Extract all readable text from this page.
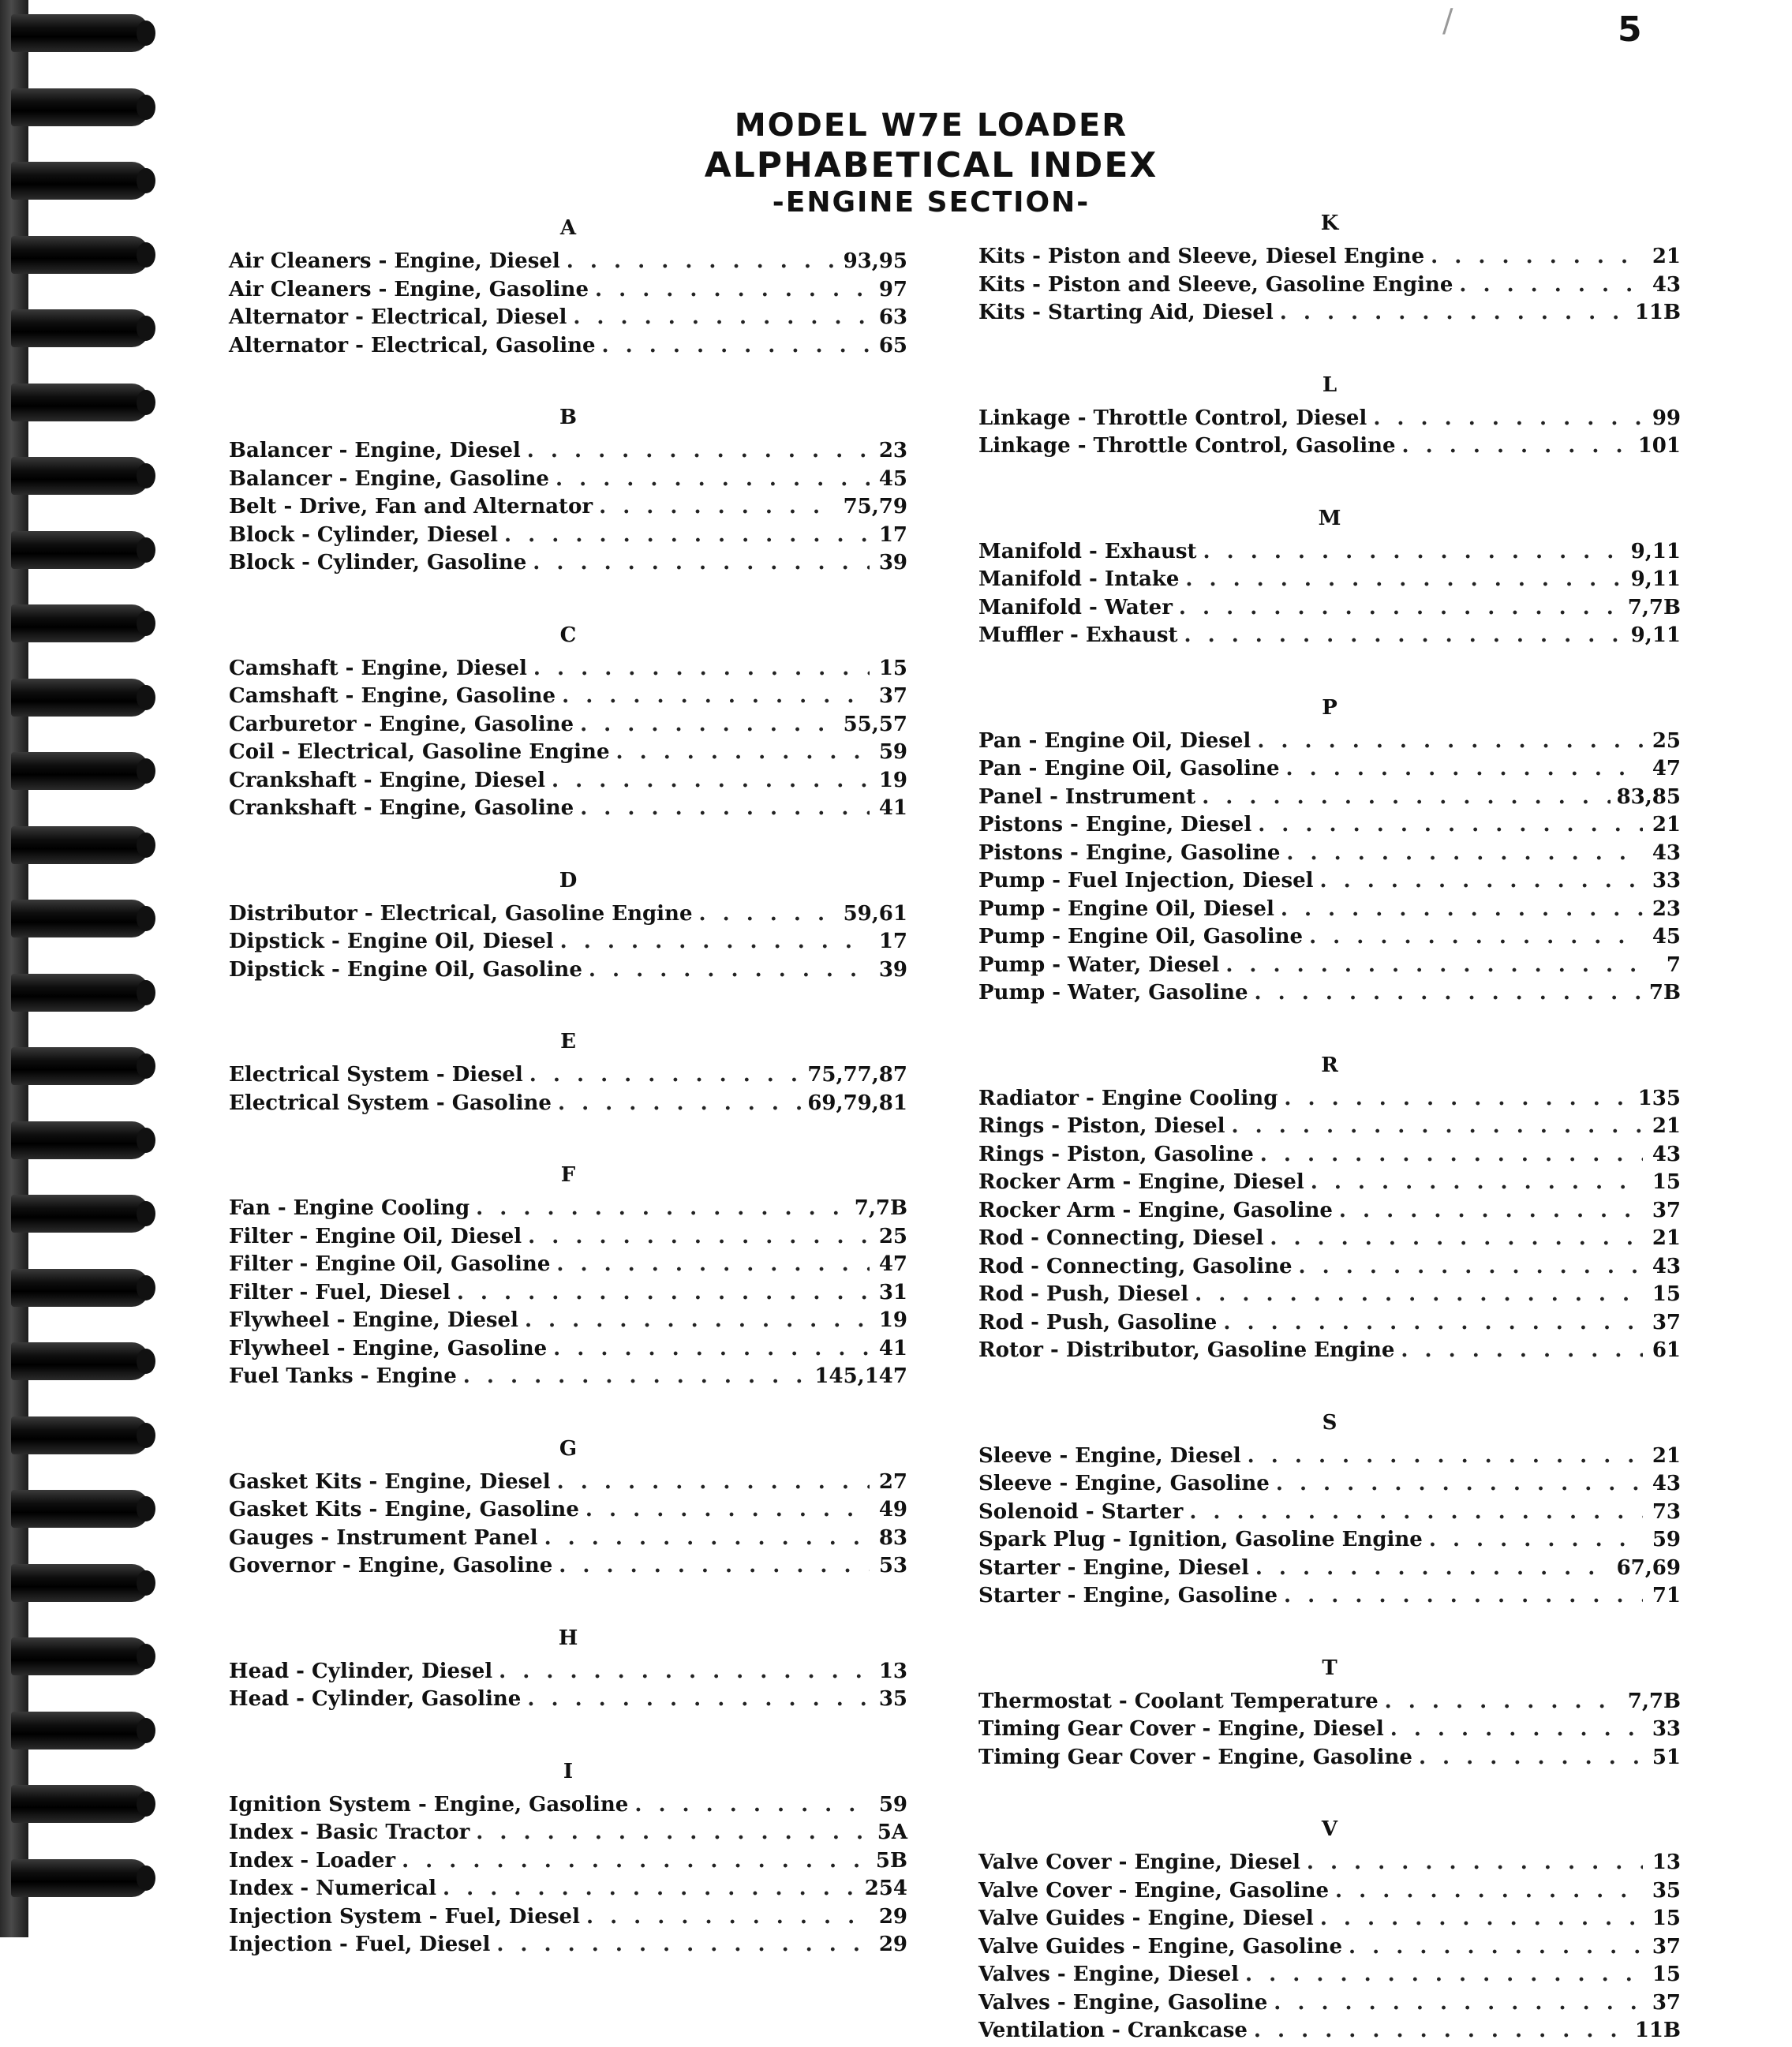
/	5
MODEL W7E LOADER
ALPHABETICAL INDEX
-ENGINE SECTION-
A
Air Cleaners - Engine, Diesel . . .	93,95
Air Cleaners - Engine, Gasoline . . .	97
Alternator - Electrical, Diesel . . .	63
Alternator - Electrical, Gasoline . . .	65
B
Balancer - Engine, Diesel . . .	23
Balancer - Engine, Gasoline . . .	45
Belt - Drive, Fan and Alternator . . .	75,79
Block - Cylinder, Diesel . . .	17
Block - Cylinder, Gasoline . . .	39
C
Camshaft - Engine, Diesel . . .	15
Camshaft - Engine, Gasoline . . .	37
Carburetor - Engine, Gasoline . . .	55,57
Coil - Electrical, Gasoline Engine . . .	59
Crankshaft - Engine, Diesel . . .	19
Crankshaft - Engine, Gasoline . . .	41
D
Distributor - Electrical, Gasoline Engine . . .	59,61
Dipstick - Engine Oil, Diesel . . .	17
Dipstick - Engine Oil, Gasoline . . .	39
E
Electrical System - Diesel . . .	75,77,87
Electrical System - Gasoline . . .	69,79,81
F
Fan - Engine Cooling . . .	7,7B
Filter - Engine Oil, Diesel . . .	25
Filter - Engine Oil, Gasoline . . .	47
Filter - Fuel, Diesel . . .	31
Flywheel - Engine, Diesel . . .	19
Flywheel - Engine, Gasoline . . .	41
Fuel Tanks - Engine . . .	145,147
G
Gasket Kits - Engine, Diesel . . .	27
Gasket Kits - Engine, Gasoline . . .	49
Gauges - Instrument Panel . . .	83
Governor - Engine, Gasoline . . .	53
H
Head - Cylinder, Diesel . . .	13
Head - Cylinder, Gasoline . . .	35
I
Ignition System - Engine, Gasoline . . .	59
Index - Basic Tractor . . .	5A
Index - Loader . . .	5B
Index - Numerical . . .	254
Injection System - Fuel, Diesel . . .	29
Injection - Fuel, Diesel . . .	29
K
Kits - Piston and Sleeve, Diesel Engine . . .	21
Kits - Piston and Sleeve, Gasoline Engine . . .	43
Kits - Starting Aid, Diesel . . .	11B
L
Linkage - Throttle Control, Diesel . . .	99
Linkage - Throttle Control, Gasoline . . .	101
M
Manifold - Exhaust . . .	9,11
Manifold - Intake . . .	9,11
Manifold - Water . . .	7,7B
Muffler - Exhaust . . .	9,11
P
Pan - Engine Oil, Diesel . . .	25
Pan - Engine Oil, Gasoline . . .	47
Panel - Instrument . . .	83,85
Pistons - Engine, Diesel . . .	21
Pistons - Engine, Gasoline . . .	43
Pump - Fuel Injection, Diesel . . .	33
Pump - Engine Oil, Diesel . . .	23
Pump - Engine Oil, Gasoline . . .	45
Pump - Water, Diesel . . .	7
Pump - Water, Gasoline . . .	7B
R
Radiator - Engine Cooling . . .	135
Rings - Piston, Diesel . . .	21
Rings - Piston, Gasoline . . .	43
Rocker Arm - Engine, Diesel . . .	15
Rocker Arm - Engine, Gasoline . . .	37
Rod - Connecting, Diesel . . .	21
Rod - Connecting, Gasoline . . .	43
Rod - Push, Diesel . . .	15
Rod - Push, Gasoline . . .	37
Rotor - Distributor, Gasoline Engine . . .	61
S
Sleeve - Engine, Diesel . . .	21
Sleeve - Engine, Gasoline . . .	43
Solenoid - Starter . . .	73
Spark Plug - Ignition, Gasoline Engine . . .	59
Starter - Engine, Diesel . . .	67,69
Starter - Engine, Gasoline . . .	71
T
Thermostat - Coolant Temperature . . .	7,7B
Timing Gear Cover - Engine, Diesel . . .	33
Timing Gear Cover - Engine, Gasoline . . .	51
V
Valve Cover - Engine, Diesel . . .	13
Valve Cover - Engine, Gasoline . . .	35
Valve Guides - Engine, Diesel . . .	15
Valve Guides - Engine, Gasoline . . .	37
Valves - Engine, Diesel . . .	15
Valves - Engine, Gasoline . . .	37
Ventilation - Crankcase . . .	11B
